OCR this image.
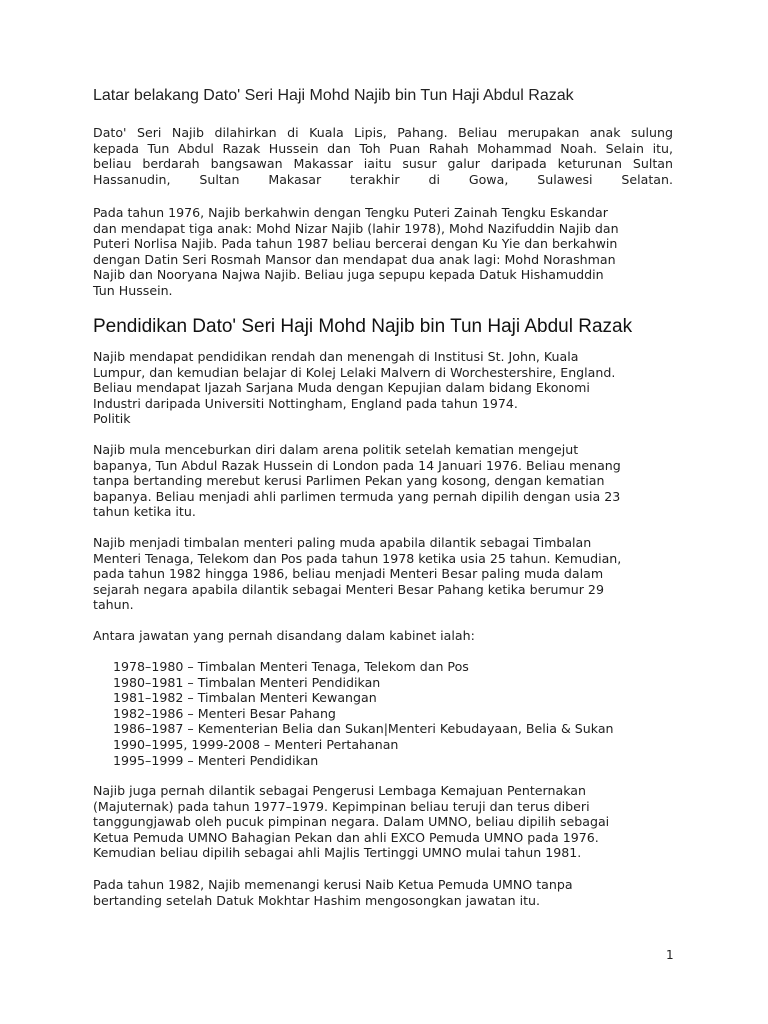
Latar belakang Dato' Seri Haji Mohd Najib bin Tun Haji Abdul Razak

Dato' Seri Najib dilahirkan di Kuala Lipis, Pahang. Beliau merupakan anak sulung
kepada Tun Abdul Razak Hussein dan Toh Puan Rahah Mohammad Noah. Selain itu,
beliau berdarah bangsawan Makassar iaitu susur galur daripada keturunan Sultan
Hassanudin, Sultan Makasar terakhir di Gowa, Sulawesi Selatan.

Pada tahun 1976, Najib berkahwin dengan Tengku Puteri Zainah Tengku Eskandar
dan mendapat tiga anak: Mohd Nizar Najib (lahir 1978), Mohd Nazifuddin Najib dan
Puteri Norlisa Najib. Pada tahun 1987 beliau bercerai dengan Ku Yie dan berkahwin
dengan Datin Seri Rosmah Mansor dan mendapat dua anak lagi: Mohd Norashman
Najib dan Nooryana Najwa Najib. Beliau juga sepupu kepada Datuk Hishamuddin
Tun Hussein.

Pendidikan Dato' Seri Haji Mohd Najib bin Tun Haji Abdul Razak

Najib mendapat pendidikan rendah dan menengah di Institusi St. John, Kuala
Lumpur, dan kemudian belajar di Kolej Lelaki Malvern di Worchestershire, England.
Beliau mendapat Ijazah Sarjana Muda dengan Kepujian dalam bidang Ekonomi
Industri daripada Universiti Nottingham, England pada tahun 1974.
Politik

Najib mula menceburkan diri dalam arena politik setelah kematian mengejut
bapanya, Tun Abdul Razak Hussein di London pada 14 Januari 1976. Beliau menang
tanpa bertanding merebut kerusi Parlimen Pekan yang kosong, dengan kematian
bapanya. Beliau menjadi ahli parlimen termuda yang pernah dipilih dengan usia 23
tahun ketika itu.

Najib menjadi timbalan menteri paling muda apabila dilantik sebagai Timbalan
Menteri Tenaga, Telekom dan Pos pada tahun 1978 ketika usia 25 tahun. Kemudian,
pada tahun 1982 hingga 1986, beliau menjadi Menteri Besar paling muda dalam
sejarah negara apabila dilantik sebagai Menteri Besar Pahang ketika berumur 29
tahun.

Antara jawatan yang pernah disandang dalam kabinet ialah:

1978–1980 – Timbalan Menteri Tenaga, Telekom dan Pos
1980–1981 – Timbalan Menteri Pendidikan
1981–1982 – Timbalan Menteri Kewangan
1982–1986 – Menteri Besar Pahang
1986–1987 – Kementerian Belia dan Sukan|Menteri Kebudayaan, Belia & Sukan
1990–1995, 1999-2008 – Menteri Pertahanan
1995–1999 – Menteri Pendidikan

Najib juga pernah dilantik sebagai Pengerusi Lembaga Kemajuan Penternakan
(Majuternak) pada tahun 1977–1979. Kepimpinan beliau teruji dan terus diberi
tanggungjawab oleh pucuk pimpinan negara. Dalam UMNO, beliau dipilih sebagai
Ketua Pemuda UMNO Bahagian Pekan dan ahli EXCO Pemuda UMNO pada 1976.
Kemudian beliau dipilih sebagai ahli Majlis Tertinggi UMNO mulai tahun 1981.

Pada tahun 1982, Najib memenangi kerusi Naib Ketua Pemuda UMNO tanpa
bertanding setelah Datuk Mokhtar Hashim mengosongkan jawatan itu.

1
